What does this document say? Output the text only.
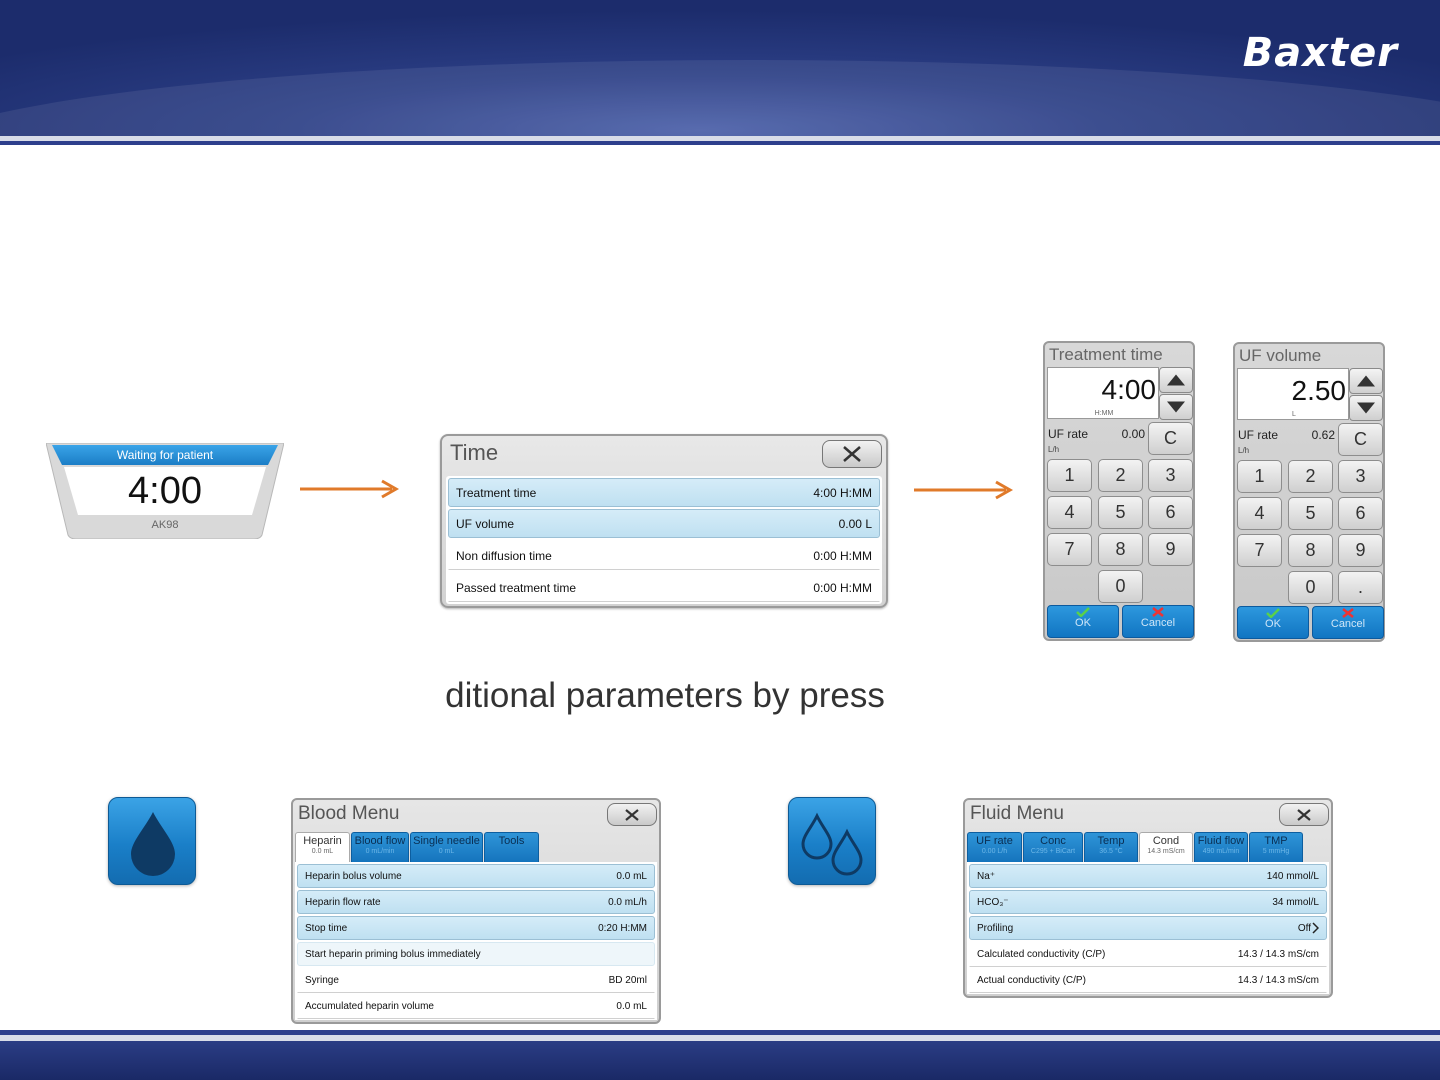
Baxter
Waiting for patient
4:00
AK98
Time
Treatment time	4:00 H:MM
UF volume	0.00 L
Non diffusion time	0:00 H:MM
Passed treatment time	0:00 H:MM
Treatment time
4:00
H:MM
UF rate
L/h
0.00	C
1	2	3
4	5	6
7	8	9
0
OK	Cancel
UF volume
2.50
L
UF rate
L/h
0.62	C
1	2	3
4	5	6
7	8	9
0	.
OK	Cancel
ditional parameters by press
Blood Menu
Heparin
0.0 mL
Blood flow
0 mL/min
Single needle
0 mL
Tools
Heparin bolus volume	0.0 mL
Heparin flow rate	0.0 mL/h
Stop time	0:20 H:MM
Start heparin priming bolus immediately
Syringe	BD 20ml
Accumulated heparin volume	0.0 mL
Fluid Menu
UF rate
0.00 L/h
Conc
C295 + BiCart
Temp
36.5 °C
Cond
14.3 mS/cm
Fluid flow
490 mL/min
TMP
5 mmHg
Na⁺	140 mmol/L
HCO₃⁻	34 mmol/L
Profiling	Off
Calculated conductivity (C/P)	14.3 / 14.3 mS/cm
Actual conductivity (C/P)	14.3 / 14.3 mS/cm
